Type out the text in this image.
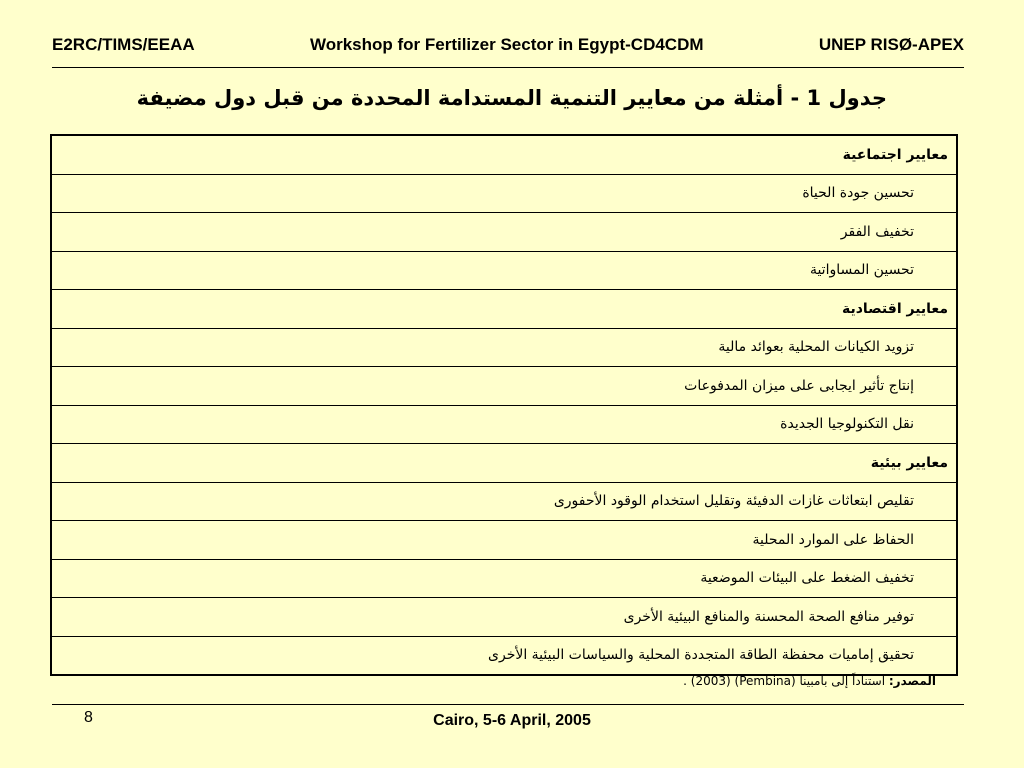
E2RC/TIMS/EEAA	Workshop for Fertilizer Sector in Egypt-CD4CDM	UNEP RISØ-APEX
جدول 1 - أمثلة من معايير التنمية المستدامة المحددة من قبل دول مضيفة
معايير اجتماعية
تحسين جودة الحياة
تخفيف الفقر
تحسين المساواتية
معايير اقتصادية
تزويد الكيانات المحلية بعوائد مالية
إنتاج تأثير ايجابى على ميزان المدفوعات
نقل التكنولوجيا الجديدة
معايير بيئية
تقليص ابتعاثات غازات الدفيئة وتقليل استخدام الوقود الأحفورى
الحفاظ على الموارد المحلية
تخفيف الضغط على البيئات الموضعية
توفير منافع الصحة المحسنة والمنافع البيئية الأخرى
تحقيق إماميات محفظة الطاقة المتجددة المحلية والسياسات البيئية الأخرى
المصدر: استناداً إلى بامبينا (Pembina) (2003) .
8	Cairo, 5-6 April, 2005
